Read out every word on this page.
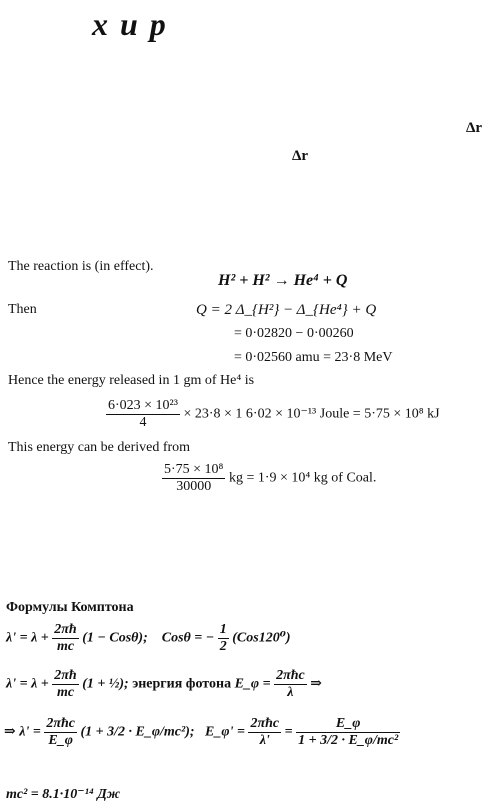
x и p
Δr
Δr
The reaction is (in effect).
H² + H² → He⁴ + Q
Then	Q = 2 Δ_{H²} − Δ_{He⁴} + Q
= 0·02820 − 0·00260
= 0·02560 amu = 23·8 MeV
Hence the energy released in 1 gm of He⁴ is
$\frac{\text{6·023 × 10²³}}{4} \times 23\cdot 8 \times 1$ 6·02 × 10⁻¹³ Joule = 5·75 × 10⁸ kJ
This energy can be derived from
$\frac{\text{5·75 × 10⁸}}{30000}$ kg = 1·9 × 10⁴ kg of Coal.
Формулы Комптона
$\lambda' = \lambda + \frac{2\pi ħ}{mc} (1 - Cos\theta)$; Cosθ = − $\frac{1}{2} (Cos120^0)$
$\lambda' = \lambda + \frac{2\pi ħ}{mc} (1$ + ½); энергия фотона E_φ = $\frac{\text{2πħc}}{\lambda}$ ⇒
⇒ $\lambda' = \frac{\text{2πħc}}{E\_\varphi} (1 + 3/2$ · E_φ/mc²); E_φ' = $\frac{\text{2πħc}}{\lambda'} = \frac{E\_\varphi}{\text{1 + 3/2 · E\_φ/mc²}}$
mc² = 8.1·10⁻¹⁴ Дж
